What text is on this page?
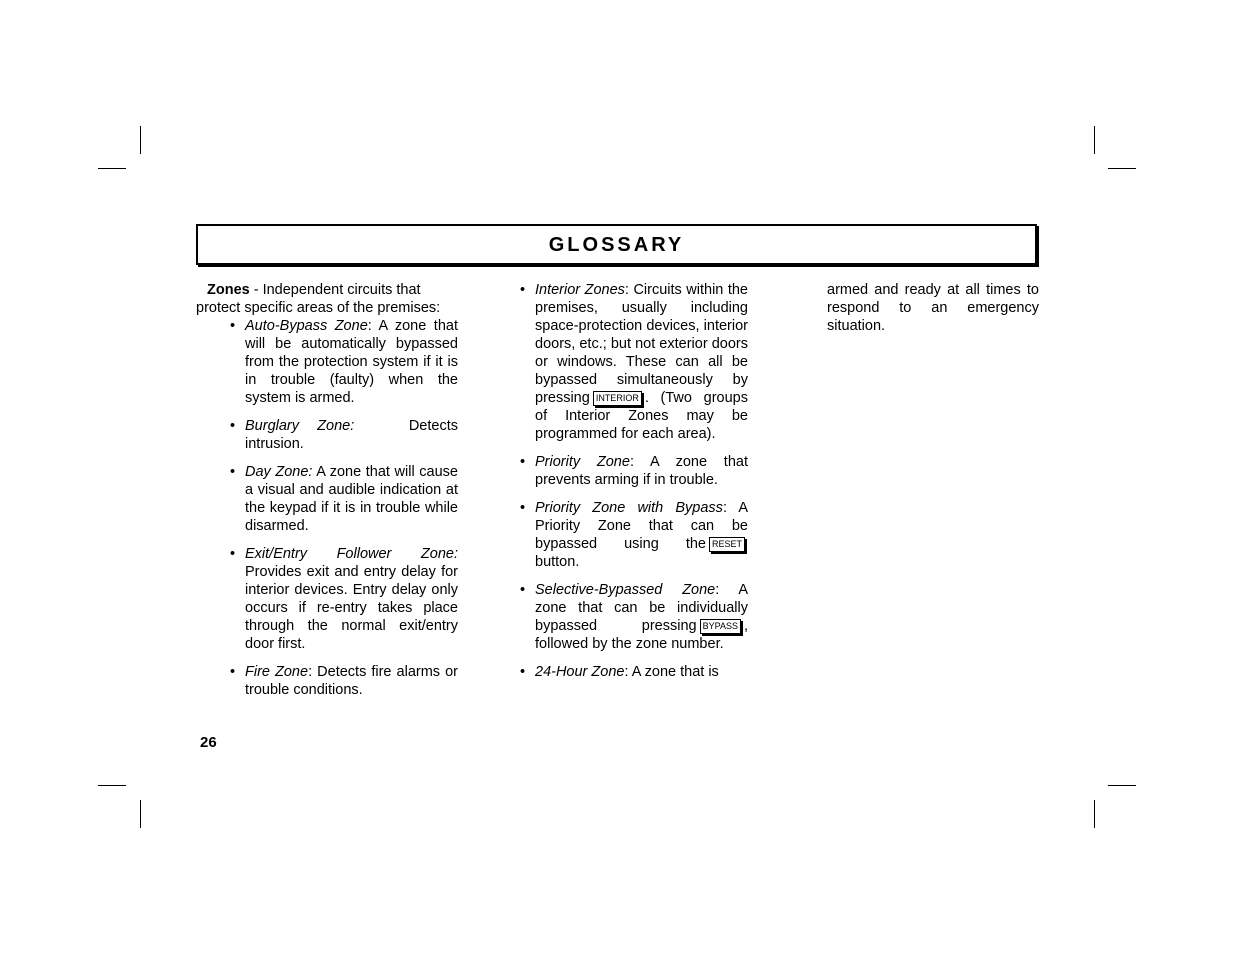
GLOSSARY

Zones - Independent circuits that protect specific areas of the premises:

• Auto-Bypass Zone: A zone that will be automatically bypassed from the protection system if it is in trouble (faulty) when the system is armed.
• Burglary Zone:	Detects intrusion.
• Day Zone: A zone that will cause a visual and audible indication at the keypad if it is in trouble while disarmed.
• Exit/Entry Follower Zone: Provides exit and entry delay for interior devices. Entry delay only occurs if re-entry takes place through the normal exit/entry door first.
• Fire Zone: Detects fire alarms or trouble conditions.
• Interior Zones: Circuits within the premises, usually including space-protection devices, interior doors, etc.; but not exterior doors or windows. These can all be bypassed simultaneously by pressing INTERIOR . (Two groups of Interior Zones may be programmed for each area).
• Priority Zone: A zone that prevents arming if in trouble.
• Priority Zone with Bypass: A Priority Zone that can be bypassed using the RESET button.
• Selective-Bypassed Zone: A zone that can be individually bypassed pressing BYPASS , followed by the zone number.
• 24-Hour Zone: A zone that is

armed and ready at all times to respond to an emergency situation.

26
